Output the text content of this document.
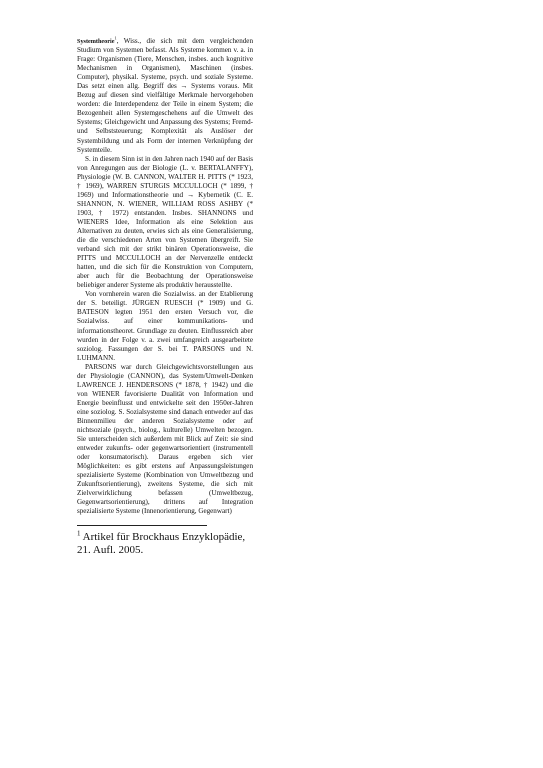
Systemtheorie$^1$, Wiss., die sich mit dem vergleichenden Studium von Systemen befasst. Als Systeme kommen v. a. in Frage: Organismen (Tiere, Menschen, insbes. auch kognitive Mechanismen in Organismen), Maschinen (insbes. Computer), physikal. Systeme, psych. und soziale Systeme. Das setzt einen allg. Begriff des → Systems voraus. Mit Bezug auf diesen sind vielfältige Merkmale hervorgehoben worden: die Interdependenz der Teile in einem System; die Bezogenheit allen Systemgeschehens auf die Umwelt des Systems; Gleichgewicht und Anpassung des Systems; Fremd- und Selbststeuerung; Komplexität als Auslöser der Systembildung und als Form der internen Verknüpfung der Systemteile.

S. in diesem Sinn ist in den Jahren nach 1940 auf der Basis von Anregungen aus der Biologie (L. v. BERTALANFFY), Physiologie (W. B. CANNON, WALTER H. PITTS (* 1923, † 1969), WARREN STURGIS MCCULLOCH (* 1899, † 1969) und Informationstheorie und → Kybernetik (C. E. SHANNON, N. WIENER, WILLIAM ROSS ASHBY (* 1903, † 1972) entstanden. Insbes. SHANNONS und WIENERS Idee, Information als eine Selektion aus Alternativen zu deuten, erwies sich als eine Generalisierung, die die verschiedenen Arten von Systemen übergreift. Sie verband sich mit der strikt binären Operationsweise, die PITTS und MCCULLOCH an der Nervenzelle entdeckt hatten, und die sich für die Konstruktion von Computern, aber auch für die Beobachtung der Operationsweise beliebiger anderer Systeme als produktiv herausstellte.

Von vornherein waren die Sozialwiss. an der Etablierung der S. beteiligt. JÜRGEN RUESCH (* 1909) und G. BATESON legten 1951 den ersten Versuch vor, die Sozialwiss. auf einer kommunikations- und informationstheoret. Grundlage zu deuten. Einflussreich aber wurden in der Folge v. a. zwei umfangreich ausgearbeitete soziolog. Fassungen der S. bei T. PARSONS und N. LUHMANN.

PARSONS war durch Gleichgewichtsvorstellungen aus der Physiologie (CANNON), das System/Umwelt-Denken LAWRENCE J. HENDERSONS (* 1878, † 1942) und die von WIENER favorisierte Dualität von Information und Energie beeinflusst und entwickelte seit den 1950er-Jahren eine soziolog. S. Sozialsysteme sind danach entweder auf das Binnenmilieu der anderen Sozialsysteme oder auf nichtsoziale (psych., biolog., kulturelle) Umwelten bezogen. Sie unterscheiden sich außerdem mit Blick auf Zeit: sie sind entweder zukunfts- oder gegenwartsorientiert (instrumentell oder konsumatorisch). Daraus ergeben sich vier Möglichkeiten: es gibt erstens auf Anpassungsleistungen spezialisierte Systeme (Kombination von Umweltbezug und Zukunftsorientierung), zweitens Systeme, die sich mit Zielverwirklichung befassen (Umweltbezug, Gegenwartsorientierung), drittens auf Integration spezialisierte Systeme (Innenorientierung, Gegenwart)

$^1$ Artikel für Brockhaus Enzyklopädie, 21. Aufl. 2005.
